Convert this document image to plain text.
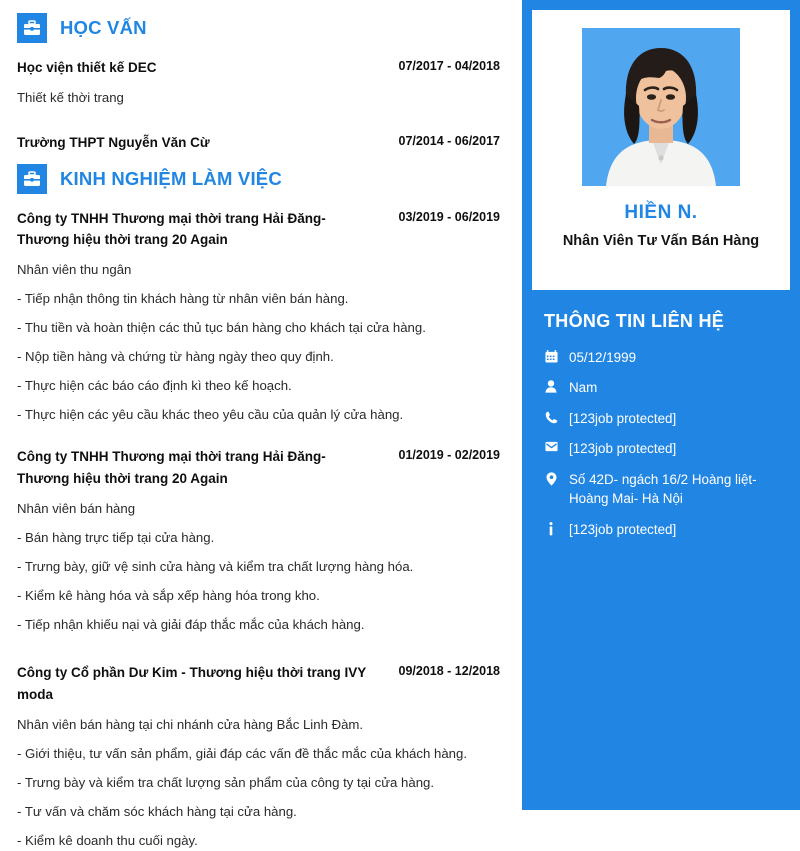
HỌC VẤN
Học viện thiết kế DEC	07/2017 - 04/2018
Thiết kế thời trang
Trường THPT Nguyễn Văn Cừ	07/2014 - 06/2017
KINH NGHIỆM LÀM VIỆC
Công ty TNHH Thương mại thời trang Hải Đăng- Thương hiệu thời trang 20 Again
03/2019 - 06/2019
Nhân viên thu ngân
- Tiếp nhận thông tin khách hàng từ nhân viên bán hàng.
- Thu tiền và hoàn thiện các thủ tục bán hàng cho khách tại cửa hàng.
- Nộp tiền hàng và chứng từ hàng ngày theo quy định.
- Thực hiện các báo cáo định kì theo kế hoạch.
- Thực hiện các yêu cầu khác theo yêu cầu của quản lý cửa hàng.
Công ty TNHH Thương mại thời trang Hải Đăng- Thương hiệu thời trang 20 Again
01/2019 - 02/2019
Nhân viên bán hàng
- Bán hàng trực tiếp tại cửa hàng.
- Trưng bày, giữ vệ sinh cửa hàng và kiểm tra chất lượng hàng hóa.
- Kiểm kê hàng hóa và sắp xếp hàng hóa trong kho.
- Tiếp nhận khiếu nại và giải đáp thắc mắc của khách hàng.
Công ty Cổ phần Dư Kim - Thương hiệu thời trang IVY moda
09/2018 - 12/2018
Nhân viên bán hàng tại chi nhánh cửa hàng Bắc Linh Đàm.
- Giới thiệu, tư vấn sản phẩm, giải đáp các vấn đề thắc mắc của khách hàng.
- Trưng bày và kiểm tra chất lượng sản phẩm của công ty tại cửa hàng.
- Tư vấn và chăm sóc khách hàng tại cửa hàng.
- Kiểm kê doanh thu cuối ngày.
HIỀN N.
Nhân Viên Tư Vấn Bán Hàng
THÔNG TIN LIÊN HỆ
05/12/1999
Nam
[123job protected]
[123job protected]
Số 42D- ngách 16/2 Hoàng liệt- Hoàng Mai- Hà Nội
[123job protected]
